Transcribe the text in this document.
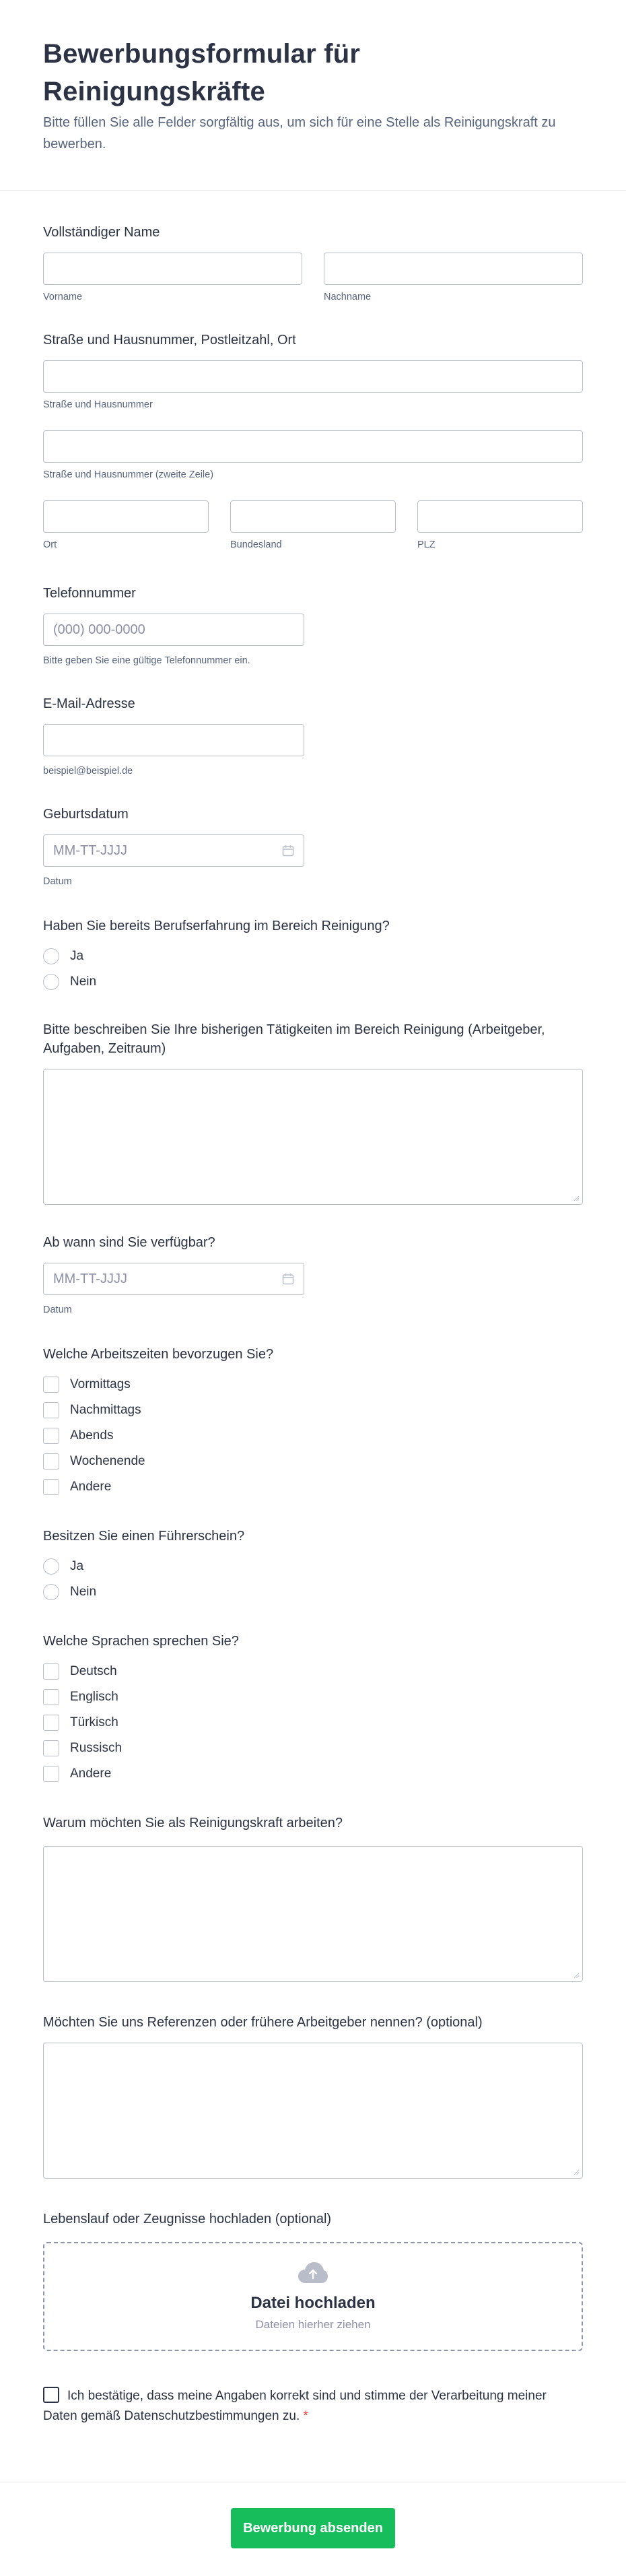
Bewerbungsformular für Reinigungskräfte

Bitte füllen Sie alle Felder sorgfältig aus, um sich für eine Stelle als Reinigungskraft zu bewerben.

Vollständiger Name
Vorname	Nachname
Straße und Hausnummer, Postleitzahl, Ort
Straße und Hausnummer
Straße und Hausnummer (zweite Zeile)
Ort	Bundesland	PLZ
Telefonnummer
(000) 000-0000
Bitte geben Sie eine gültige Telefonnummer ein.
E-Mail-Adresse
beispiel@beispiel.de
Geburtsdatum
MM-TT-JJJJ
Datum
Haben Sie bereits Berufserfahrung im Bereich Reinigung?
Ja
Nein
Bitte beschreiben Sie Ihre bisherigen Tätigkeiten im Bereich Reinigung (Arbeitgeber, Aufgaben, Zeitraum)
Ab wann sind Sie verfügbar?
MM-TT-JJJJ
Datum
Welche Arbeitszeiten bevorzugen Sie?
Vormittags
Nachmittags
Abends
Wochenende
Andere
Besitzen Sie einen Führerschein?
Ja
Nein
Welche Sprachen sprechen Sie?
Deutsch
Englisch
Türkisch
Russisch
Andere
Warum möchten Sie als Reinigungskraft arbeiten?
Möchten Sie uns Referenzen oder frühere Arbeitgeber nennen? (optional)
Lebenslauf oder Zeugnisse hochladen (optional)
Datei hochladen
Dateien hierher ziehen
Ich bestätige, dass meine Angaben korrekt sind und stimme der Verarbeitung meiner Daten gemäß Datenschutzbestimmungen zu. *
Bewerbung absenden
